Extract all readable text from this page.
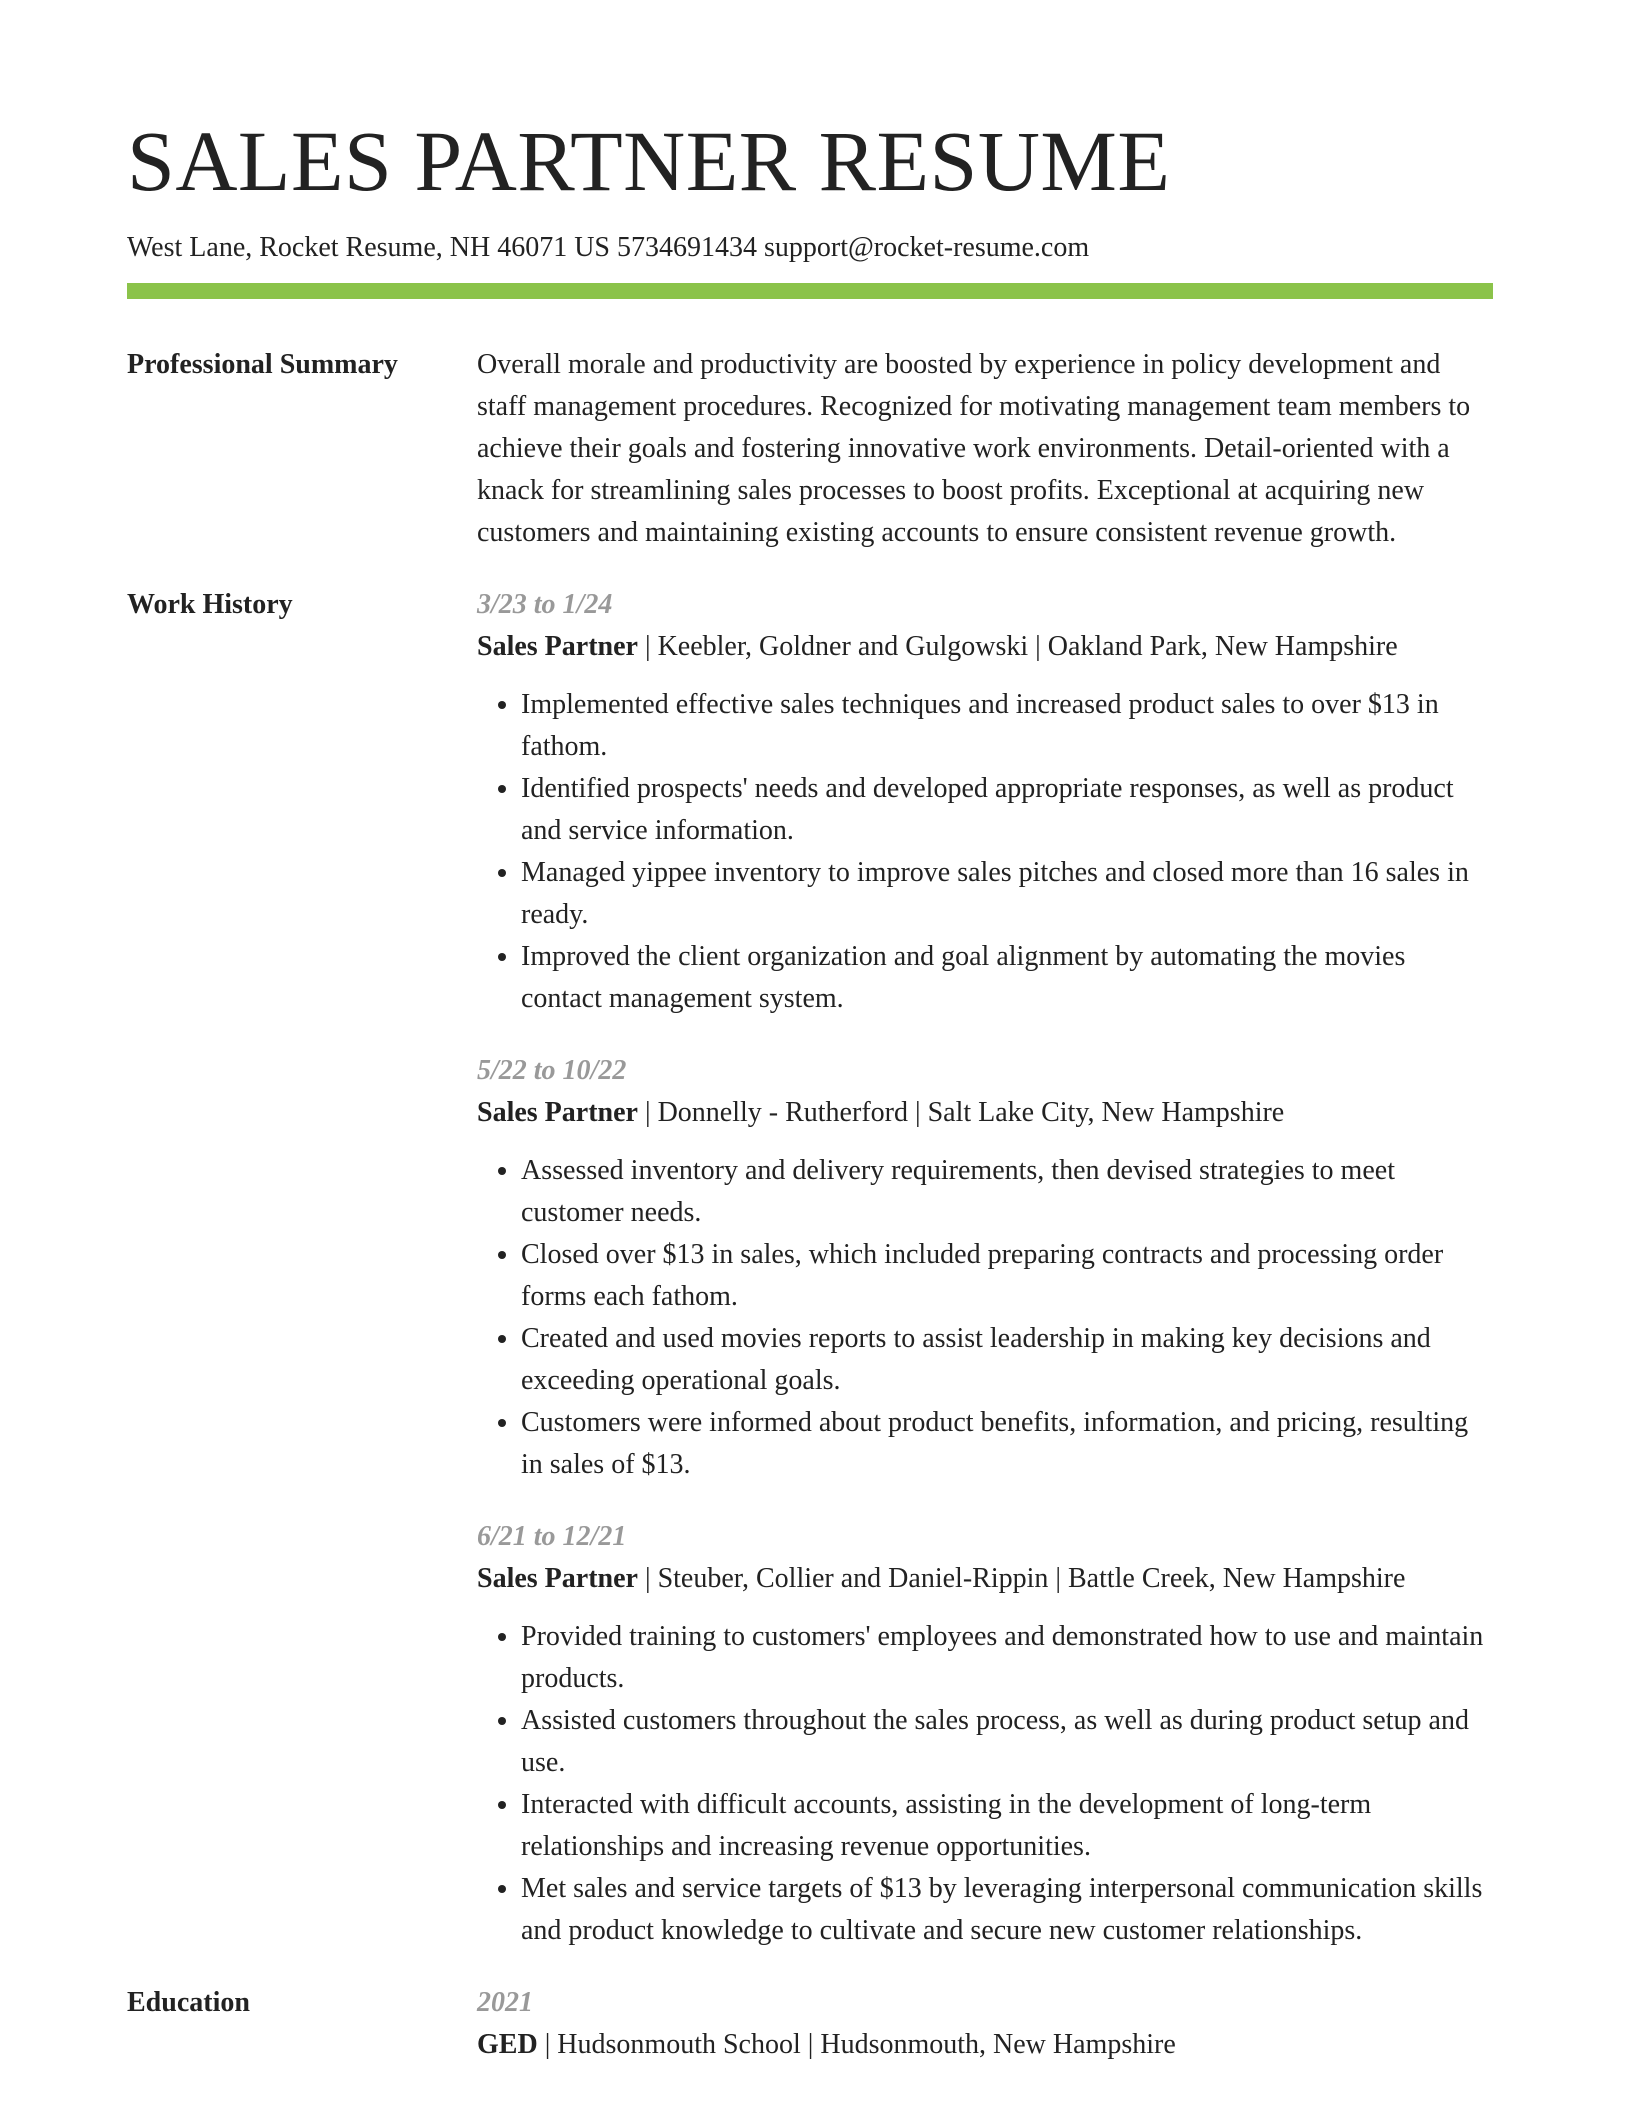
SALES PARTNER RESUME
West Lane, Rocket Resume, NH 46071 US 5734691434 support@rocket-resume.com
Professional Summary	Overall morale and productivity are boosted by experience in policy development and staff management procedures. Recognized for motivating management team members to achieve their goals and fostering innovative work environments. Detail-oriented with a knack for streamlining sales processes to boost profits. Exceptional at acquiring new customers and maintaining existing accounts to ensure consistent revenue growth.

Work History	3/23 to 1/24
Sales Partner | Keebler, Goldner and Gulgowski | Oakland Park, New Hampshire
• Implemented effective sales techniques and increased product sales to over $13 in fathom.
• Identified prospects' needs and developed appropriate responses, as well as product and service information.
• Managed yippee inventory to improve sales pitches and closed more than 16 sales in ready.
• Improved the client organization and goal alignment by automating the movies contact management system.
5/22 to 10/22
Sales Partner | Donnelly - Rutherford | Salt Lake City, New Hampshire
• Assessed inventory and delivery requirements, then devised strategies to meet customer needs.
• Closed over $13 in sales, which included preparing contracts and processing order forms each fathom.
• Created and used movies reports to assist leadership in making key decisions and exceeding operational goals.
• Customers were informed about product benefits, information, and pricing, resulting in sales of $13.
6/21 to 12/21
Sales Partner | Steuber, Collier and Daniel-Rippin | Battle Creek, New Hampshire
• Provided training to customers' employees and demonstrated how to use and maintain products.
• Assisted customers throughout the sales process, as well as during product setup and use.
• Interacted with difficult accounts, assisting in the development of long-term relationships and increasing revenue opportunities.
• Met sales and service targets of $13 by leveraging interpersonal communication skills and product knowledge to cultivate and secure new customer relationships.
Education	2021
GED | Hudsonmouth School | Hudsonmouth, New Hampshire
